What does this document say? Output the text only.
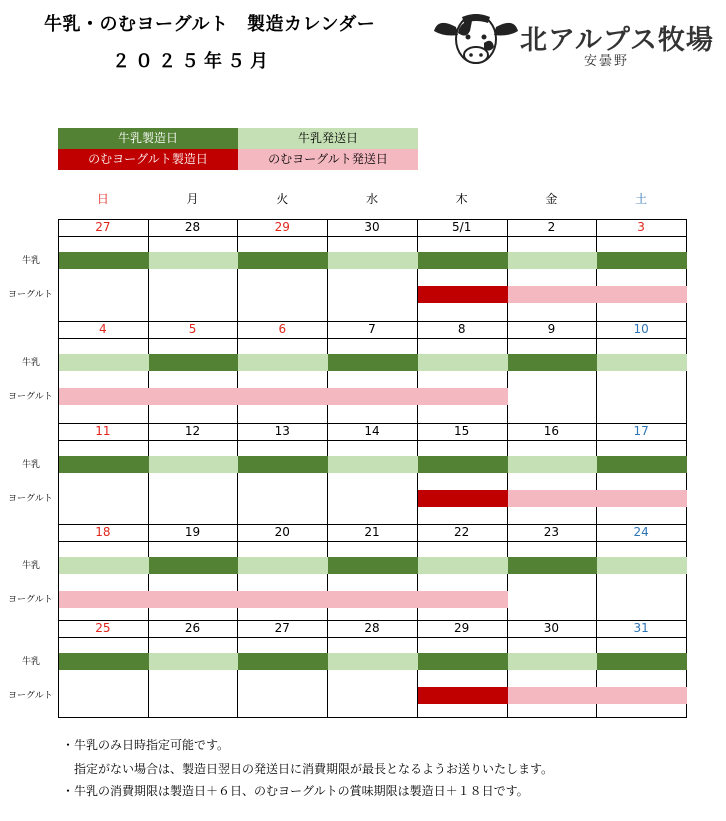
牛乳・のむヨーグルト　製造カレンダー
２０２５年５月
北アルプス牧場
安曇野
牛乳製造日	牛乳発送日
のむヨーグルト製造日	のむヨーグルト発送日
日	月	火	水	木	金	土
27	28	29	30	5/1	2	3
牛乳
ヨーグルト
4	5	6	7	8	9	10
牛乳
ヨーグルト
11	12	13	14	15	16	17
牛乳
ヨーグルト
18	19	20	21	22	23	24
牛乳
ヨーグルト
25	26	27	28	29	30	31
牛乳
ヨーグルト
・牛乳のみ日時指定可能です。
　指定がない場合は、製造日翌日の発送日に消費期限が最長となるようお送りいたします。
・牛乳の消費期限は製造日＋６日、のむヨーグルトの賞味期限は製造日＋１８日です。
